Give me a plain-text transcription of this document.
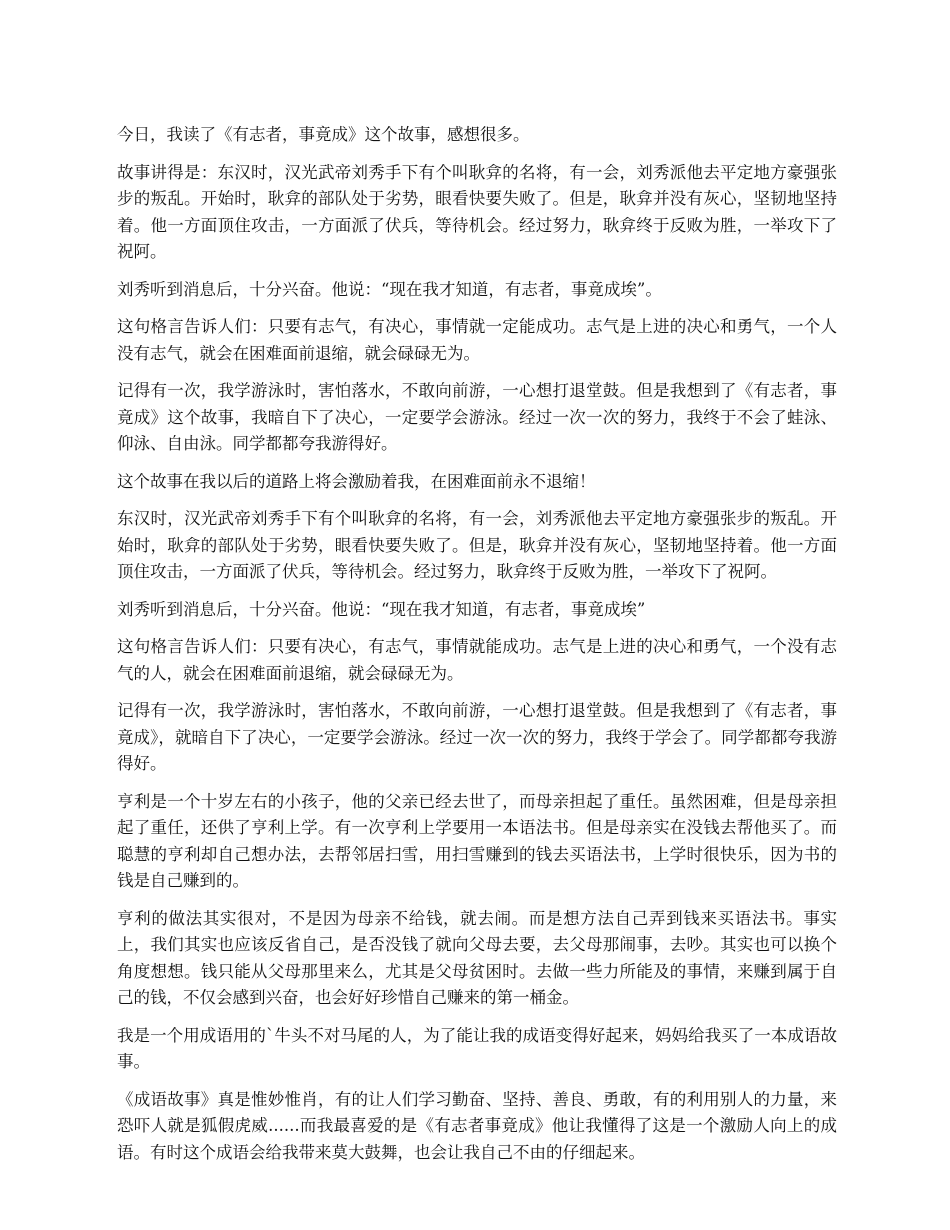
今日，我读了《有志者，事竟成》这个故事，感想很多。

故事讲得是：东汉时，汉光武帝刘秀手下有个叫耿弇的名将，有一会，刘秀派他去平定地方豪强张步的叛乱。开始时，耿弇的部队处于劣势，眼看快要失败了。但是，耿弇并没有灰心，坚韧地坚持着。他一方面顶住攻击，一方面派了伏兵，等待机会。经过努力，耿弇终于反败为胜，一举攻下了祝阿。

刘秀听到消息后，十分兴奋。他说：“现在我才知道，有志者，事竟成埃”。

这句格言告诉人们：只要有志气，有决心，事情就一定能成功。志气是上进的决心和勇气，一个人没有志气，就会在困难面前退缩，就会碌碌无为。

记得有一次，我学游泳时，害怕落水，不敢向前游，一心想打退堂鼓。但是我想到了《有志者，事竟成》这个故事，我暗自下了决心，一定要学会游泳。经过一次一次的努力，我终于不会了蛙泳、仰泳、自由泳。同学都都夸我游得好。

这个故事在我以后的道路上将会激励着我，在困难面前永不退缩！

东汉时，汉光武帝刘秀手下有个叫耿弇的名将，有一会，刘秀派他去平定地方豪强张步的叛乱。开始时，耿弇的部队处于劣势，眼看快要失败了。但是，耿弇并没有灰心，坚韧地坚持着。他一方面顶住攻击，一方面派了伏兵，等待机会。经过努力，耿弇终于反败为胜，一举攻下了祝阿。

刘秀听到消息后，十分兴奋。他说：“现在我才知道，有志者，事竟成埃”

这句格言告诉人们：只要有决心，有志气，事情就能成功。志气是上进的决心和勇气，一个没有志气的人，就会在困难面前退缩，就会碌碌无为。

记得有一次，我学游泳时，害怕落水，不敢向前游，一心想打退堂鼓。但是我想到了《有志者，事竟成》，就暗自下了决心，一定要学会游泳。经过一次一次的努力，我终于学会了。同学都都夸我游得好。

亨利是一个十岁左右的小孩子，他的父亲已经去世了，而母亲担起了重任。虽然困难，但是母亲担起了重任，还供了亨利上学。有一次亨利上学要用一本语法书。但是母亲实在没钱去帮他买了。而聪慧的亨利却自己想办法，去帮邻居扫雪，用扫雪赚到的钱去买语法书，上学时很快乐，因为书的钱是自己赚到的。

亨利的做法其实很对，不是因为母亲不给钱，就去闹。而是想方法自己弄到钱来买语法书。事实上，我们其实也应该反省自己，是否没钱了就向父母去要，去父母那闹事，去吵。其实也可以换个角度想想。钱只能从父母那里来么，尤其是父母贫困时。去做一些力所能及的事情，来赚到属于自己的钱，不仅会感到兴奋，也会好好珍惜自己赚来的第一桶金。

我是一个用成语用的`牛头不对马尾的人，为了能让我的成语变得好起来，妈妈给我买了一本成语故事。

《成语故事》真是惟妙惟肖，有的让人们学习勤奋、坚持、善良、勇敢，有的利用别人的力量，来恐吓人就是狐假虎威......而我最喜爱的是《有志者事竟成》他让我懂得了这是一个激励人向上的成语。有时这个成语会给我带来莫大鼓舞，也会让我自己不由的仔细起来。
